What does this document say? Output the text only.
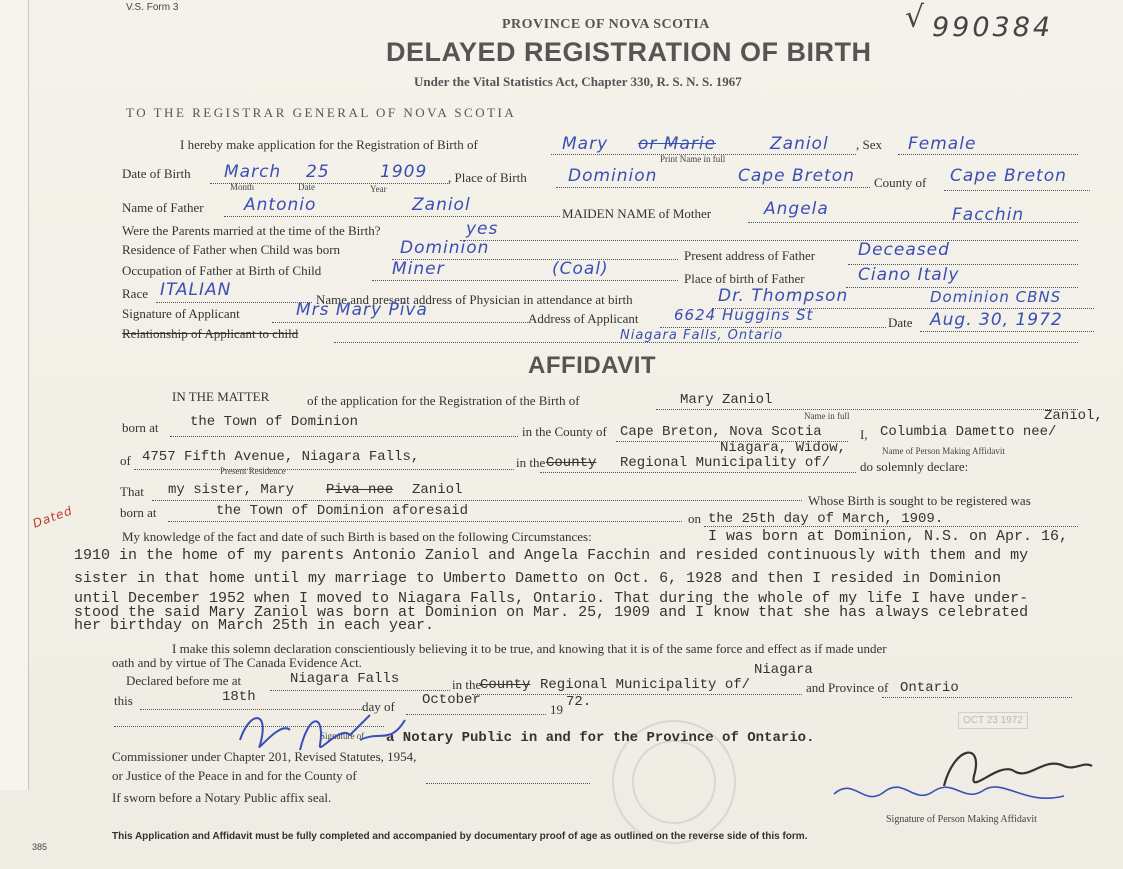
OCT 23 1972
V.S. Form 3
PROVINCE OF NOVA SCOTIA
DELAYED REGISTRATION OF BIRTH
Under the Vital Statistics Act, Chapter 330, R. S. N. S. 1967
√ 990384
TO THE REGISTRAR GENERAL OF NOVA SCOTIA
I hereby make application for the Registration of Birth of	Mary or Marie	Zaniol
Print Name in full
, Sex Female
Date of Birth March 25	1909
Month	Date	Year
, Place of Birth Dominion	Cape Breton County of Cape Breton
Name of Father Antonio	Zaniol	MAIDEN NAME of Mother	Angela	Facchin
Were the Parents married at the time of the Birth?	yes
Residence of Father when Child was born	Dominion	Present address of Father	Deceased
Occupation of Father at Birth of Child	Miner	(Coal)	Place of birth of Father	Ciano Italy
Race ITALIAN	Name and present address of Physician in attendance at birth	Dr. Thompson	Dominion CBNS
Signature of Applicant	Mrs Mary Piva	Address of Applicant 6624 Huggins St	Date Aug. 30, 1972
Relationship of Applicant to child	Niagara Falls, Ontario
AFFIDAVIT
IN THE MATTER	of the application for the Registration of the Birth of	Mary Zaniol
Name in full
born at the Town of Dominion
in the County of Cape Breton, Nova Scotia	I,
Zaniol,
Columbia Dametto nee/
Niagara, Widow,	Name of Person Making Affidavit
of 4757 Fifth Avenue, Niagara Falls,
Present Residence
in the County Regional Municipality of/ do solemnly declare:
That my sister, Mary Piva nee Zaniol
Whose Birth is sought to be registered was
born at	the Town of Dominion aforesaid	on the 25th day of March, 1909.
Dated
My knowledge of the fact and date of such Birth is based on the following Circumstances:	I was born at Dominion, N.S. on Apr. 16,
1910 in the home of my parents Antonio Zaniol and Angela Facchin and resided continuously with them and my
sister in that home until my marriage to Umberto Dametto on Oct. 6, 1928 and then I resided in Dominion
until December 1952 when I moved to Niagara Falls, Ontario. That during the whole of my life I have under-
stood the said Mary Zaniol was born at Dominion on Mar. 25, 1909 and I know that she has always celebrated
her birthday on March 25th in each year.
I make this solemn declaration conscientiously believing it to be true, and knowing that it is of the same force and effect as if made under
oath and by virtue of The Canada Evidence Act.
Declared before me at	Niagara Falls	in the
County
Niagara
Regional Municipality of/	and Province of Ontario
this	18th
day of October
19 72.
Signature of a Notary Public in and for the Province of Ontario.
Commissioner under Chapter 201, Revised Statutes, 1954,
or Justice of the Peace in and for the County of
If sworn before a Notary Public affix seal.
Signature of Person Making Affidavit
This Application and Affidavit must be fully completed and accompanied by documentary proof of age as outlined on the reverse side of this form.
385
